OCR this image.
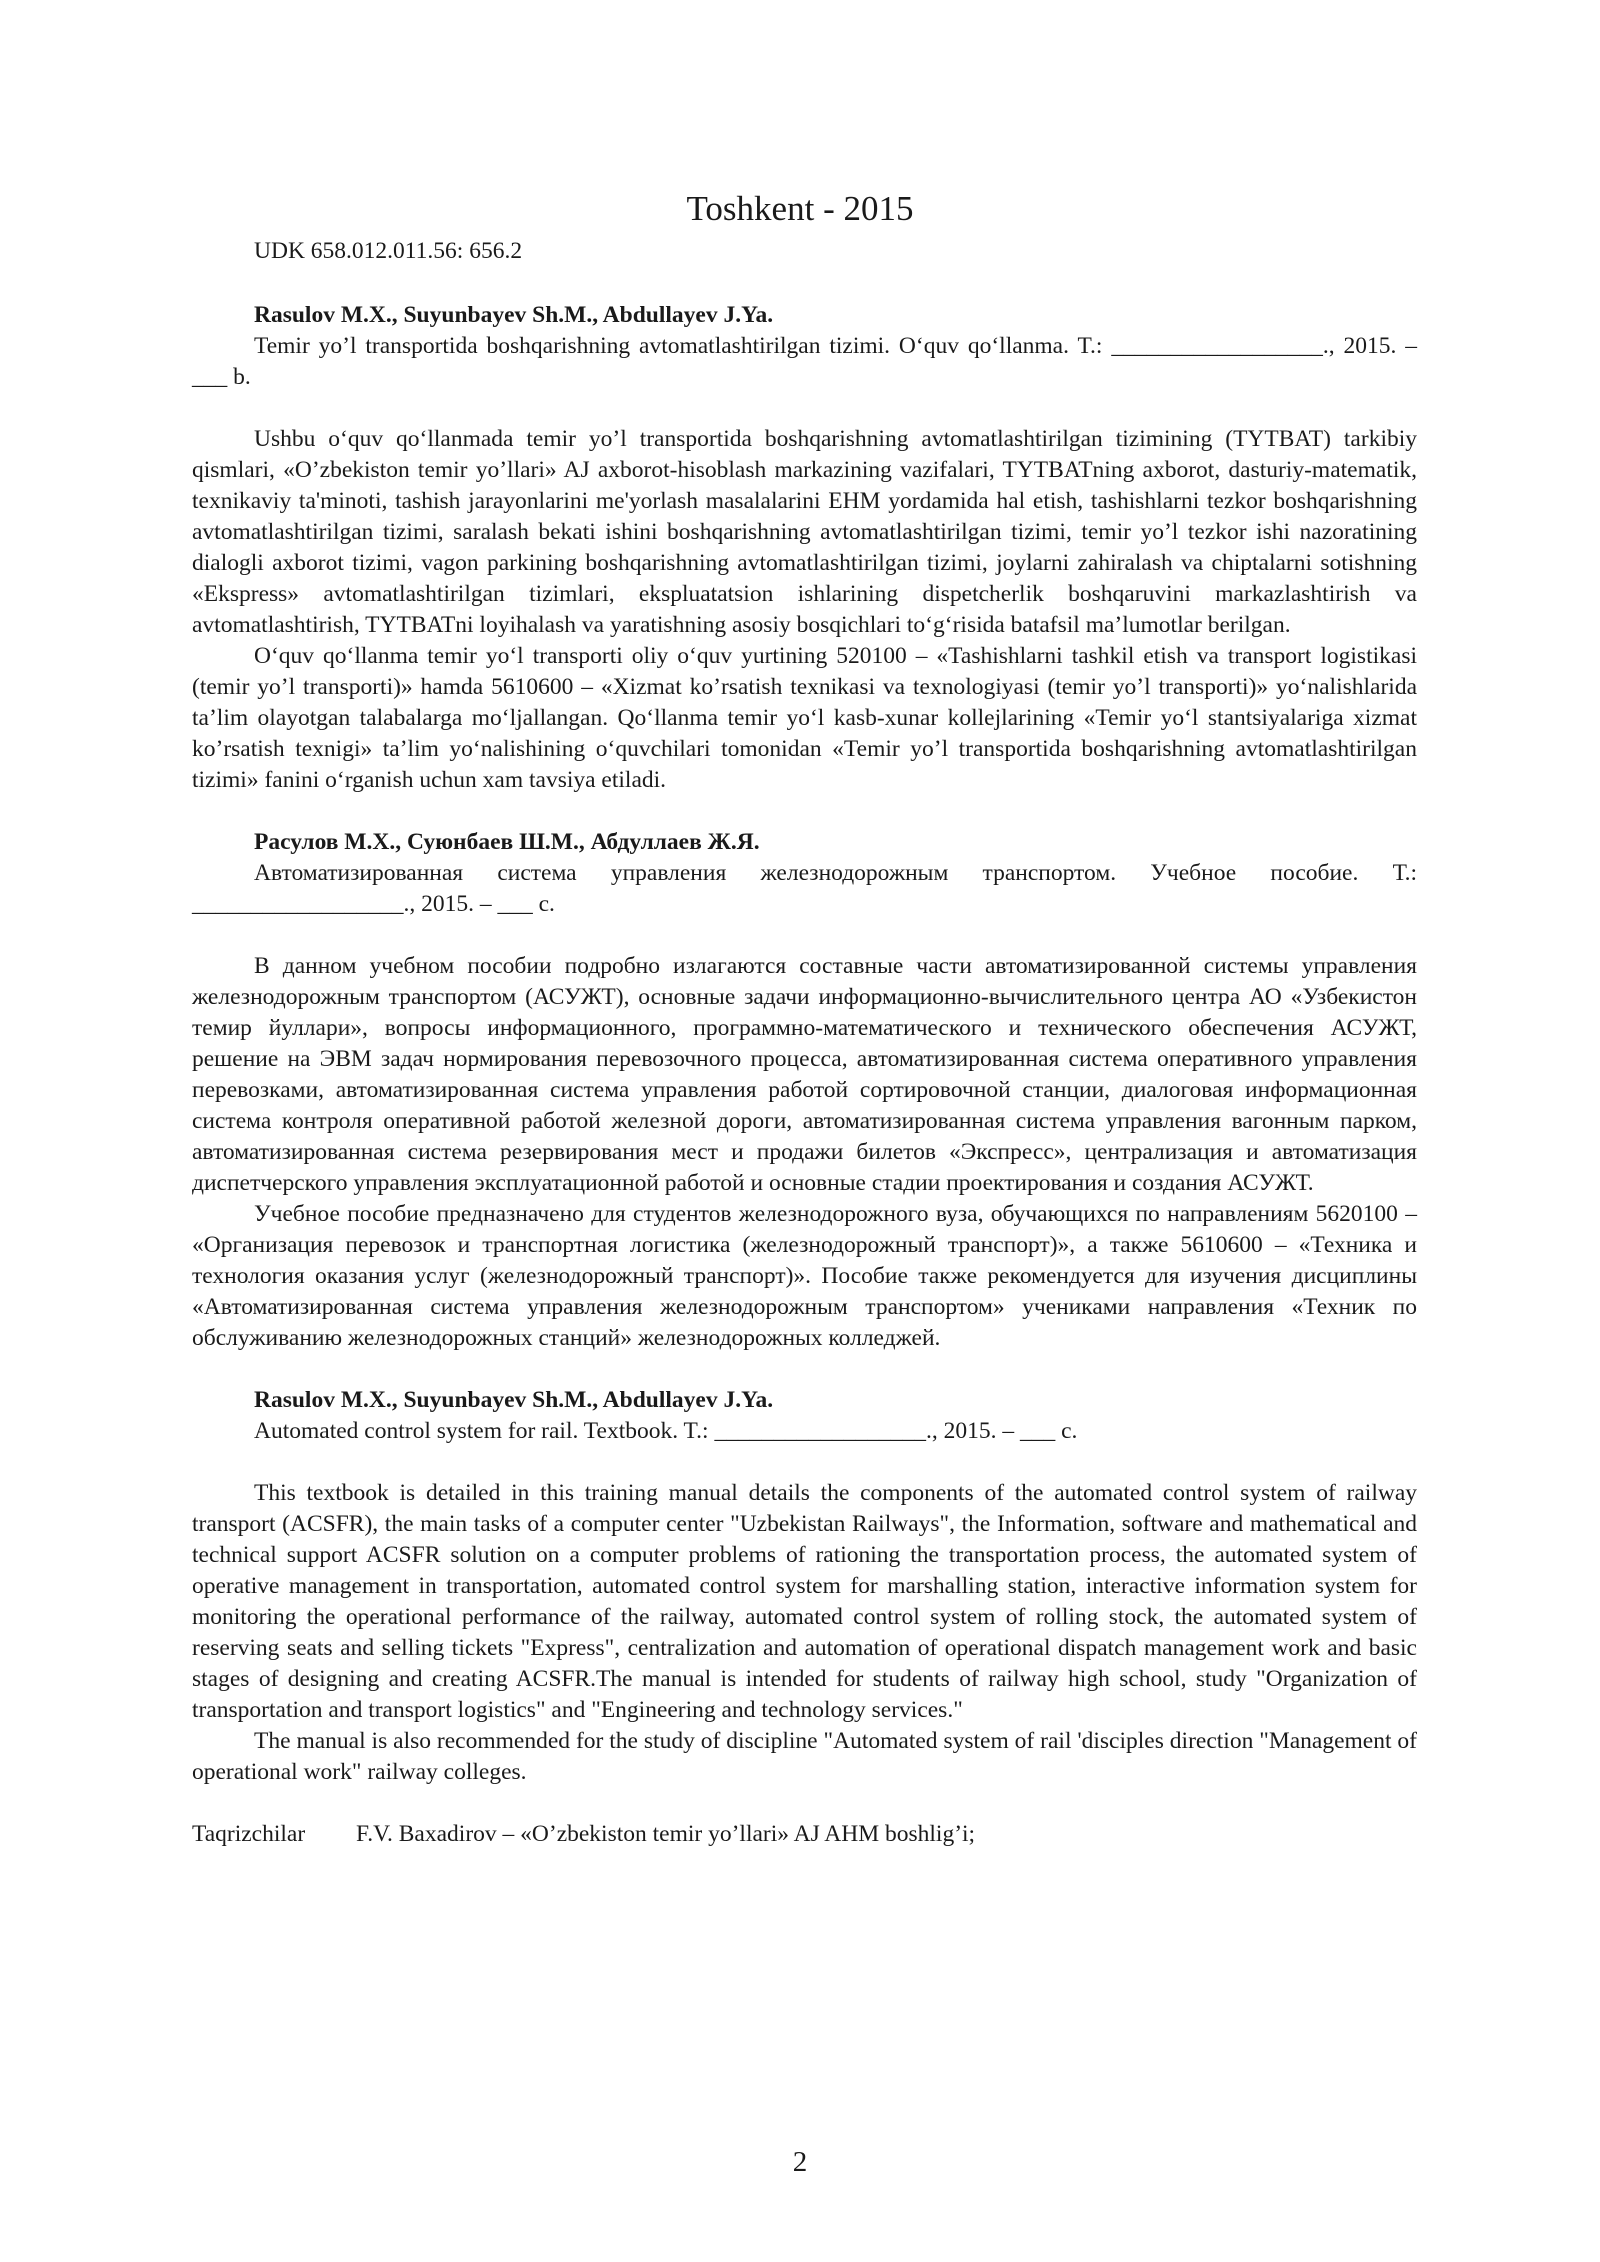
Toshkent - 2015
UDK 658.012.011.56: 656.2

Rasulov M.X., Suyunbayev Sh.M., Abdullayev J.Ya.

Temir yo’l transportida boshqarishning avtomatlashtirilgan tizimi. O‘quv qo‘llanma. T.: __________________., 2015. – ___ b.

Ushbu o‘quv qo‘llanmada temir yo’l transportida boshqarishning avtomatlashtirilgan tizimining (TYTBAT) tarkibiy qismlari, «O’zbekiston temir yo’llari» AJ axborot-hisoblash markazining vazifalari, TYTBATning axborot, dasturiy-matematik, texnikaviy ta'minoti, tashish jarayonlarini me'yorlash masalalarini EHM yordamida hal etish, tashishlarni tezkor boshqarishning avtomatlashtirilgan tizimi, saralash bekati ishini boshqarishning avtomatlashtirilgan tizimi, temir yo’l tezkor ishi nazoratining dialogli axborot tizimi, vagon parkining boshqarishning avtomatlashtirilgan tizimi, joylarni zahiralash va chiptalarni sotishning «Ekspress» avtomatlashtirilgan tizimlari, ekspluatatsion ishlarining dispetcherlik boshqaruvini markazlashtirish va avtomatlashtirish, TYTBATni loyihalash va yaratishning asosiy bosqichlari to‘g‘risida batafsil ma’lumotlar berilgan.

O‘quv qo‘llanma temir yo‘l transporti oliy o‘quv yurtining 520100 – «Tashishlarni tashkil etish va transport logistikasi (temir yo’l transporti)» hamda 5610600 – «Xizmat ko’rsatish texnikasi va texnologiyasi (temir yo’l transporti)» yo‘nalishlarida ta’lim olayotgan talabalarga mo‘ljallangan. Qo‘llanma temir yo‘l kasb-xunar kollejlarining «Temir yo‘l stantsiyalariga xizmat ko’rsatish texnigi» ta’lim yo‘nalishining o‘quvchilari tomonidan «Temir yo’l transportida boshqarishning avtomatlashtirilgan tizimi» fanini o‘rganish uchun xam tavsiya etiladi.

Расулов М.Х., Суюнбаев Ш.М., Абдуллаев Ж.Я.

Автоматизированная система управления железнодорожным транспортом. Учебное пособие. Т.: __________________., 2015. – ___ с.

В данном учебном пособии подробно излагаются составные части автоматизированной системы управления железнодорожным транспортом (АСУЖТ), основные задачи информационно-вычислительного центра АО «Узбекистон темир йуллари», вопросы информационного, программно-математического и технического обеспечения АСУЖТ, решение на ЭВМ задач нормирования перевозочного процесса, автоматизированная система оперативного управления перевозками, автоматизированная система управления работой сортировочной станции, диалоговая информационная система контроля оперативной работой железной дороги, автоматизированная система управления вагонным парком, автоматизированная система резервирования мест и продажи билетов «Экспресс», централизация и автоматизация диспетчерского управления эксплуатационной работой и основные стадии проектирования и создания АСУЖТ.

Учебное пособие предназначено для студентов железнодорожного вуза, обучающихся по направлениям 5620100 – «Организация перевозок и транспортная логистика (железнодорожный транспорт)», а также 5610600 – «Техника и технология оказания услуг (железнодорожный транспорт)». Пособие также рекомендуется для изучения дисциплины «Автоматизированная система управления железнодорожным транспортом» учениками направления «Техник по обслуживанию железнодорожных станций» железнодорожных колледжей.

Rasulov M.X., Suyunbayev Sh.M., Abdullayev J.Ya.

Automated control system for rail. Textbook. T.: __________________., 2015. – ___ c.

This textbook is detailed in this training manual details the components of the automated control system of railway transport (ACSFR), the main tasks of a computer center "Uzbekistan Railways", the Information, software and mathematical and technical support ACSFR solution on a computer problems of rationing the transportation process, the automated system of operative management in transportation, automated control system for marshalling station, interactive information system for monitoring the operational performance of the railway, automated control system of rolling stock, the automated system of reserving seats and selling tickets "Express", centralization and automation of operational dispatch management work and basic stages of designing and creating ACSFR.The manual is intended for students of railway high school, study "Organization of transportation and transport logistics" and "Engineering and technology services."

The manual is also recommended for the study of discipline "Automated system of rail 'disciples direction "Management of operational work" railway colleges.

Taqrizchilar F.V. Baxadirov – «O’zbekiston temir yo’llari» AJ AHM boshlig’i;

2
